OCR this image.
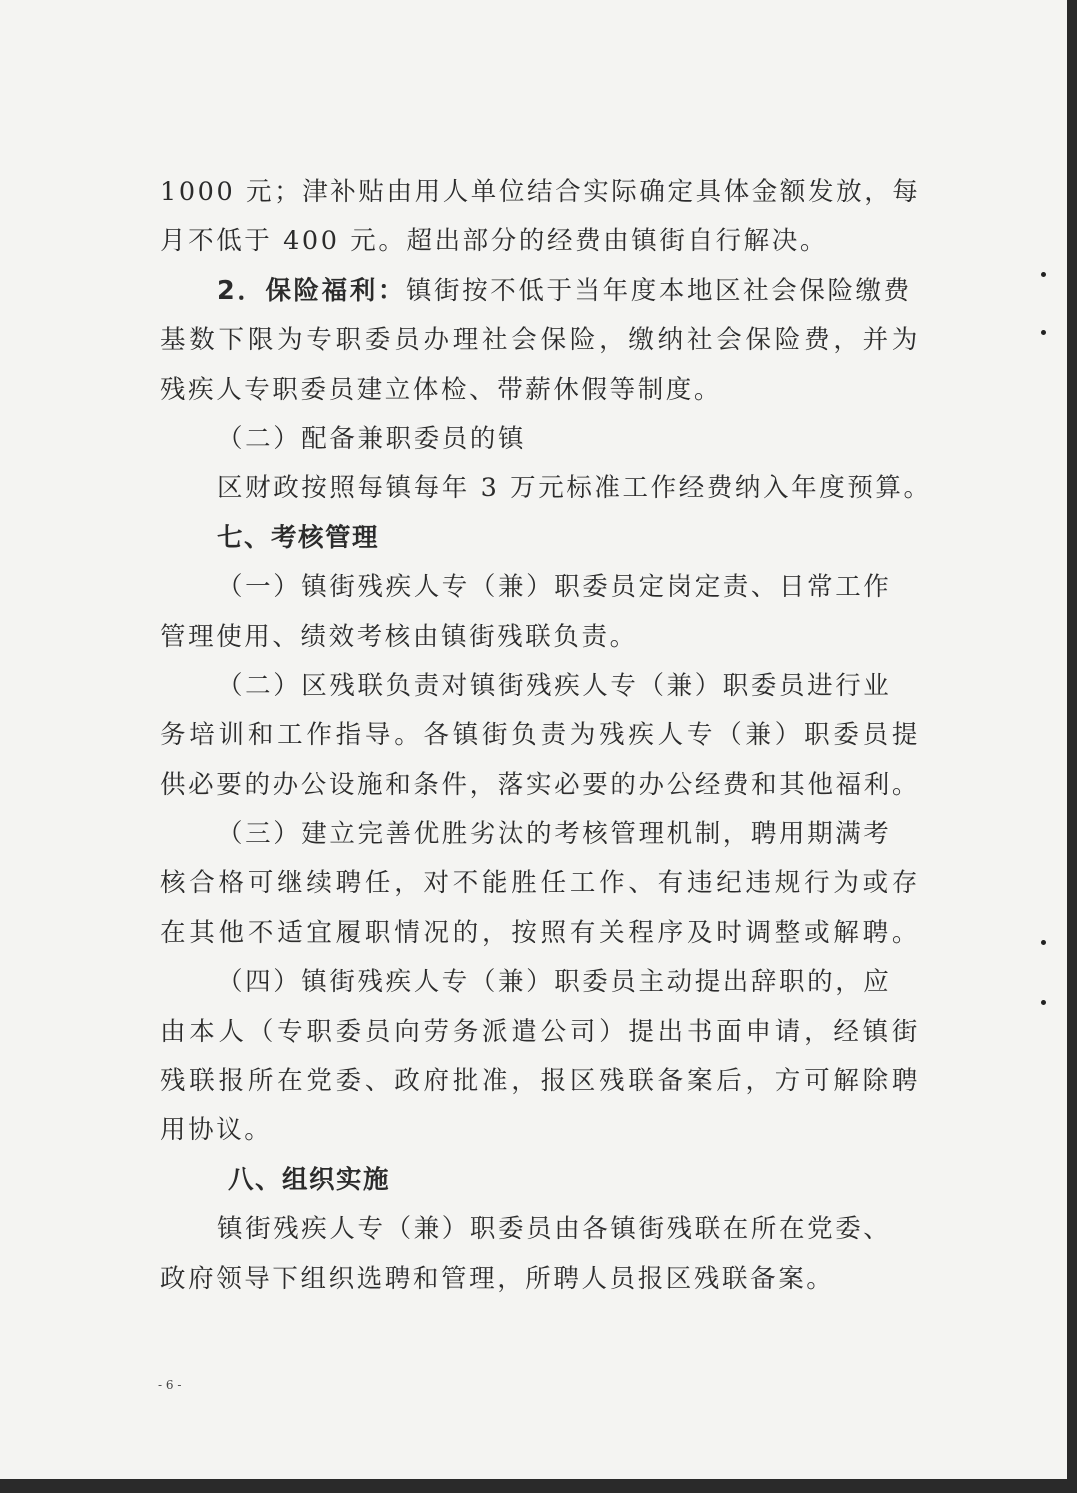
1000 元；津补贴由用人单位结合实际确定具体金额发放，每
月不低于 400 元。超出部分的经费由镇街自行解决。
2．保险福利：镇街按不低于当年度本地区社会保险缴费
基数下限为专职委员办理社会保险，缴纳社会保险费，并为
残疾人专职委员建立体检、带薪休假等制度。
（二）配备兼职委员的镇
区财政按照每镇每年 3 万元标准工作经费纳入年度预算。
七、考核管理
（一）镇街残疾人专（兼）职委员定岗定责、日常工作
管理使用、绩效考核由镇街残联负责。
（二）区残联负责对镇街残疾人专（兼）职委员进行业
务培训和工作指导。各镇街负责为残疾人专（兼）职委员提
供必要的办公设施和条件，落实必要的办公经费和其他福利。
（三）建立完善优胜劣汰的考核管理机制，聘用期满考
核合格可继续聘任，对不能胜任工作、有违纪违规行为或存
在其他不适宜履职情况的，按照有关程序及时调整或解聘。
（四）镇街残疾人专（兼）职委员主动提出辞职的，应
由本人（专职委员向劳务派遣公司）提出书面申请，经镇街
残联报所在党委、政府批准，报区残联备案后，方可解除聘
用协议。
八、组织实施
镇街残疾人专（兼）职委员由各镇街残联在所在党委、
政府领导下组织选聘和管理，所聘人员报区残联备案。
- 6 -
